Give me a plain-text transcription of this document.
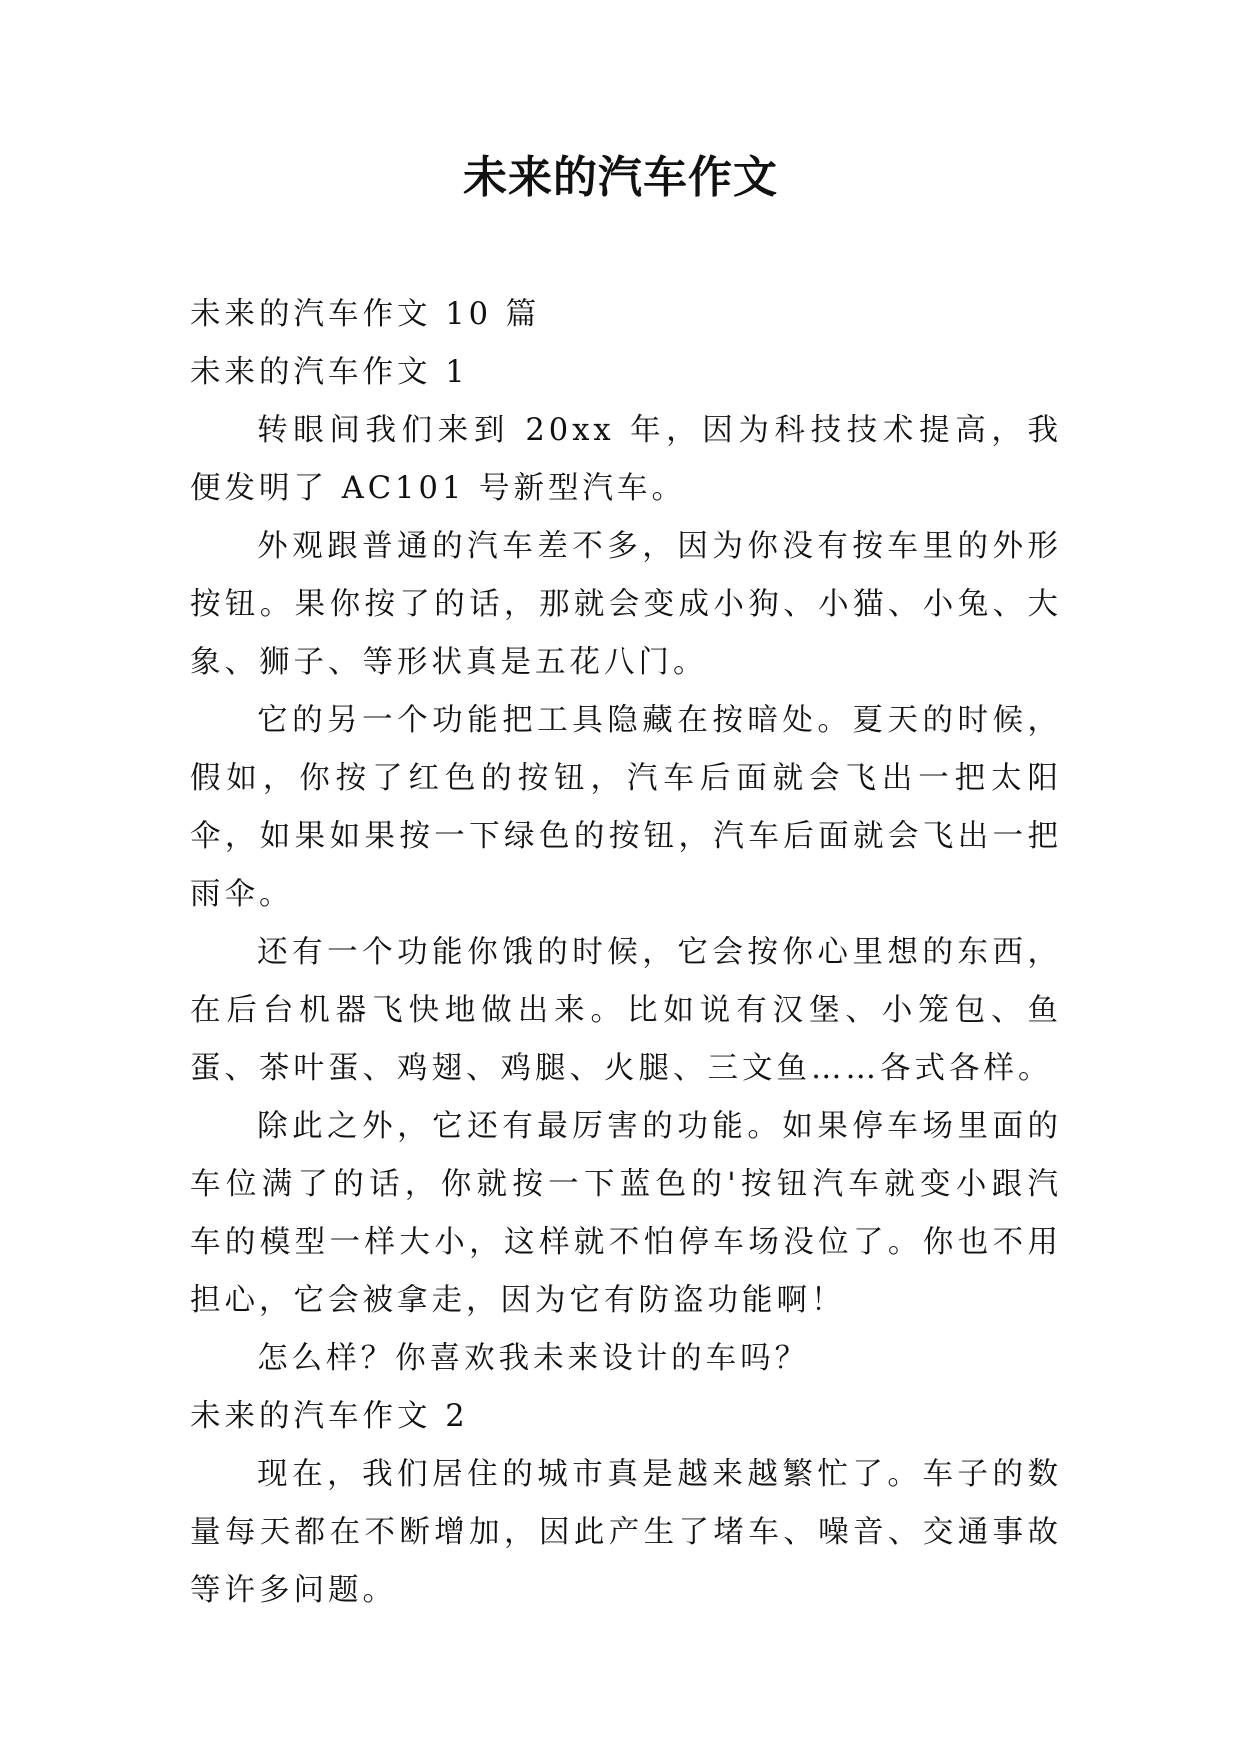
未来的汽车作文

未来的汽车作文 10 篇

未来的汽车作文 1

转眼间我们来到 20xx 年，因为科技技术提高，我便发明了 AC101 号新型汽车。

外观跟普通的汽车差不多，因为你没有按车里的外形按钮。果你按了的话，那就会变成小狗、小猫、小兔、大象、狮子、等形状真是五花八门。

它的另一个功能把工具隐藏在按暗处。夏天的时候，假如，你按了红色的按钮，汽车后面就会飞出一把太阳伞，如果如果按一下绿色的按钮，汽车后面就会飞出一把雨伞。

还有一个功能你饿的时候，它会按你心里想的东西，在后台机器飞快地做出来。比如说有汉堡、小笼包、鱼蛋、茶叶蛋、鸡翅、鸡腿、火腿、三文鱼……各式各样。

除此之外，它还有最厉害的功能。如果停车场里面的车位满了的话，你就按一下蓝色的'按钮汽车就变小跟汽车的模型一样大小，这样就不怕停车场没位了。你也不用担心，它会被拿走，因为它有防盗功能啊！

怎么样？你喜欢我未来设计的车吗？

未来的汽车作文 2

现在，我们居住的城市真是越来越繁忙了。车子的数量每天都在不断增加，因此产生了堵车、噪音、交通事故等许多问题。
